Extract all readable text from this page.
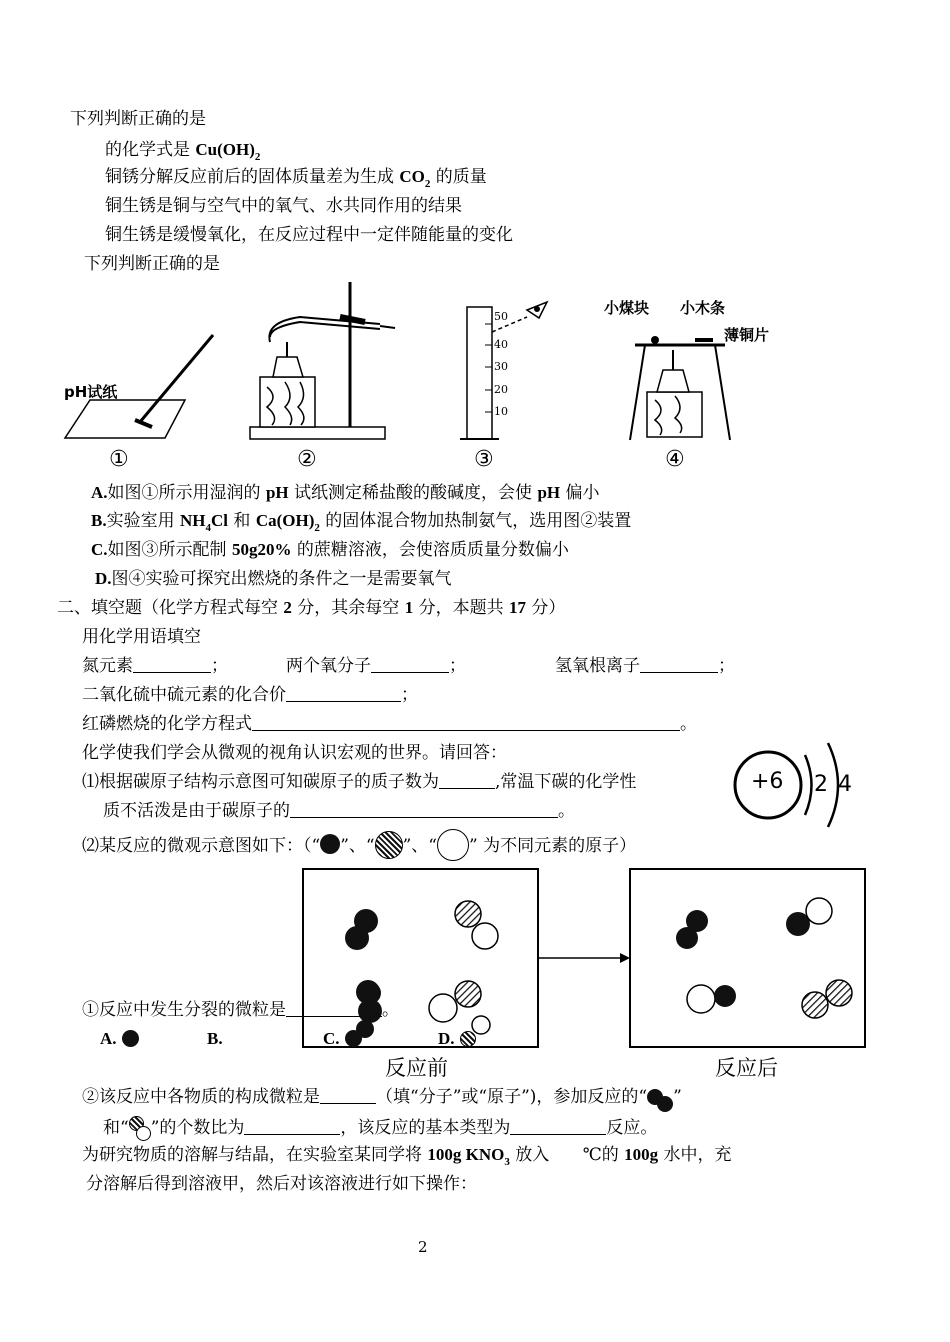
下列判断正确的是
的化学式是 $Cu(OH)_2$
铜锈分解反应前后的固体质量差为生成 $CO_2$ 的质量
铜生锈是铜与空气中的氧气、水共同作用的结果
铜生锈是缓慢氧化，在反应过程中一定伴随能量的变化
下列判断正确的是
pH试纸
50
40
30
20
10
小煤块 小木条
薄铜片
①	②	③	④
A.如图①所示用湿润的 pH 试纸测定稀盐酸的酸碱度，会使 pH 偏小
B.实验室用 $NH_4Cl$ 和 $Ca(OH)_2$ 的固体混合物加热制氨气，选用图②装置
C.如图③所示配制 50g20% 的蔗糖溶液，会使溶质质量分数偏小
D.图④实验可探究出燃烧的条件之一是需要氧气
二、填空题（化学方程式每空 2 分，其余每空 1 分，本题共 17 分）
用化学用语填空
氮元素	；	两个氧分子	；	氢氧根离子	；
二氧化硫中硫元素的化合价	；
红磷燃烧的化学方程式	。
化学使我们学会从微观的视角认识宏观的世界。请回答：
⑴根据碳原子结构示意图可知碳原子的质子数为	,常温下碳的化学性
质不活泼是由于碳原子的	。
+6 2 4
⑵某反应的微观示意图如下：（“ ”、“ ”、“ ” 为不同元素的原子）
反应前	反应后
①反应中发生分裂的微粒是	。
A.	B.	C.	D.
②该反应中各物质的构成微粒是	（填“分子”或“原子”)，参加反应的“ ”
和“ ”的个数比为	，该反应的基本类型为	反应。
为研究物质的溶解与结晶，在实验室某同学将 100g $KNO_3$ 放入 ℃的 100g 水中，充
分溶解后得到溶液甲，然后对该溶液进行如下操作：
2
